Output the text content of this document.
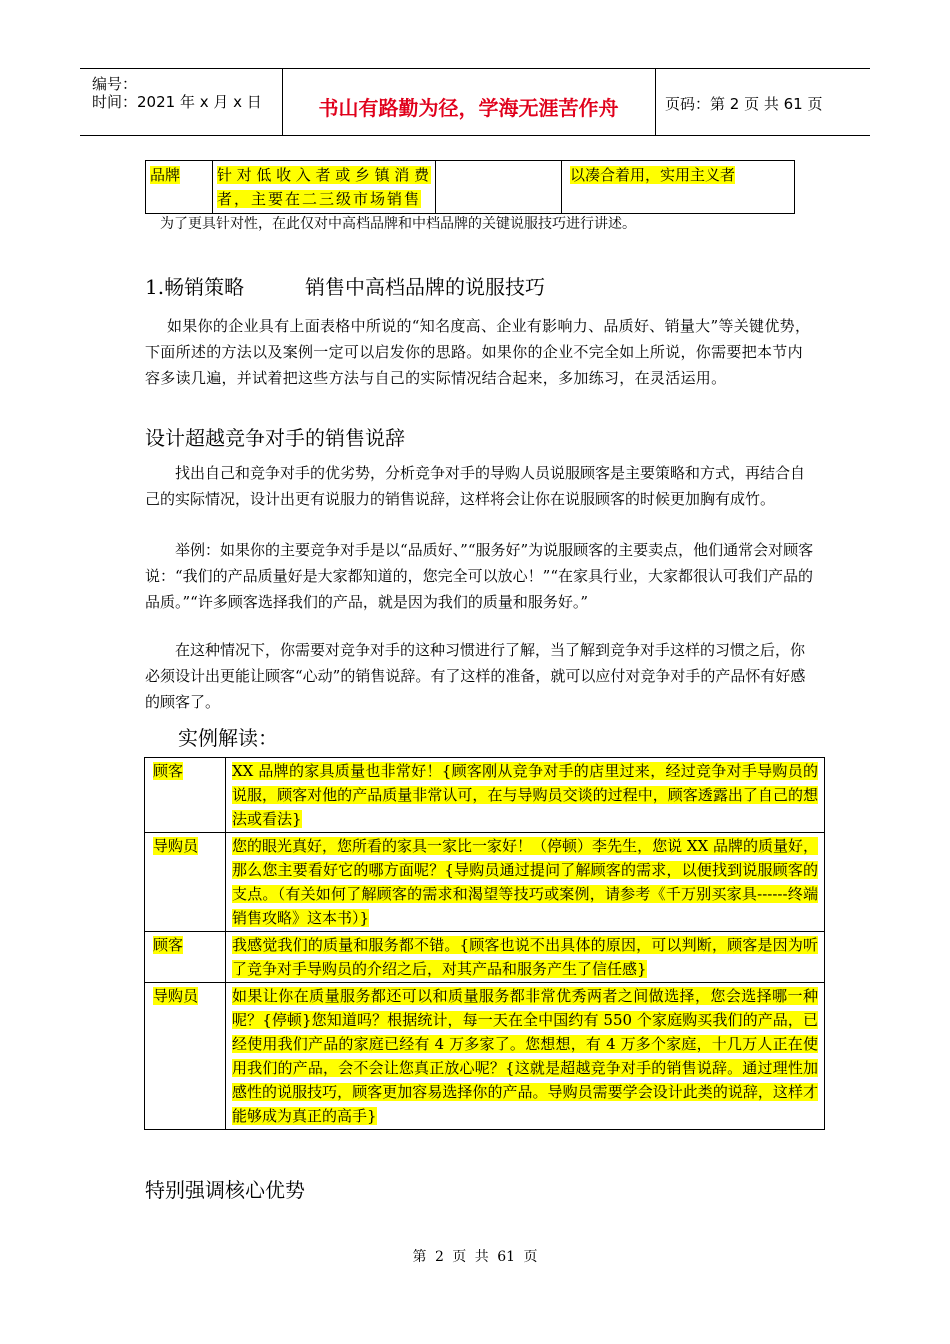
编号：
时间：2021 年 x 月 x 日	书山有路勤为径，学海无涯苦作舟	页码：第 2 页 共 61 页
品牌	针对低收入者或乡镇消费者，主要在二三级市场销售		以凑合着用，实用主义者
为了更具针对性，在此仅对中高档品牌和中档品牌的关键说服技巧进行讲述。
1.畅销策略	销售中高档品牌的说服技巧

如果你的企业具有上面表格中所说的“知名度高、企业有影响力、品质好、销量大”等关键优势，下面所述的方法以及案例一定可以启发你的思路。如果你的企业不完全如上所说，你需要把本节内容多读几遍，并试着把这些方法与自己的实际情况结合起来，多加练习，在灵活运用。

设计超越竞争对手的销售说辞

找出自己和竞争对手的优劣势，分析竞争对手的导购人员说服顾客是主要策略和方式，再结合自己的实际情况，设计出更有说服力的销售说辞，这样将会让你在说服顾客的时候更加胸有成竹。

举例：如果你的主要竞争对手是以“品质好、”“服务好”为说服顾客的主要卖点，他们通常会对顾客说：“我们的产品质量好是大家都知道的，您完全可以放心！”“在家具行业，大家都很认可我们产品的品质。”“许多顾客选择我们的产品，就是因为我们的质量和服务好。”

在这种情况下，你需要对竞争对手的这种习惯进行了解，当了解到竞争对手这样的习惯之后，你必须设计出更能让顾客“心动”的销售说辞。有了这样的准备，就可以应付对竞争对手的产品怀有好感的顾客了。

实例解读：
顾客	XX 品牌的家具质量也非常好！{顾客刚从竞争对手的店里过来，经过竞争对手导购员的说服，顾客对他的产品质量非常认可，在与导购员交谈的过程中，顾客透露出了自己的想法或看法}
导购员	您的眼光真好，您所看的家具一家比一家好！（停顿）李先生，您说 XX 品牌的质量好，那么您主要看好它的哪方面呢？{导购员通过提问了解顾客的需求，以便找到说服顾客的支点。（有关如何了解顾客的需求和渴望等技巧或案例，请参考《千万别买家具------终端销售攻略》这本书）}
顾客	我感觉我们的质量和服务都不错。{顾客也说不出具体的原因，可以判断，顾客是因为听了竞争对手导购员的介绍之后，对其产品和服务产生了信任感}
导购员	如果让你在质量服务都还可以和质量服务都非常优秀两者之间做选择，您会选择哪一种呢？{停顿}您知道吗？根据统计，每一天在全中国约有 550 个家庭购买我们的产品，已经使用我们产品的家庭已经有 4 万多家了。您想想，有 4 万多个家庭，十几万人正在使用我们的产品，会不会让您真正放心呢？{这就是超越竞争对手的销售说辞。通过理性加感性的说服技巧，顾客更加容易选择你的产品。导购员需要学会设计此类的说辞，这样才能够成为真正的高手}
特别强调核心优势
第 2 页 共 61 页
